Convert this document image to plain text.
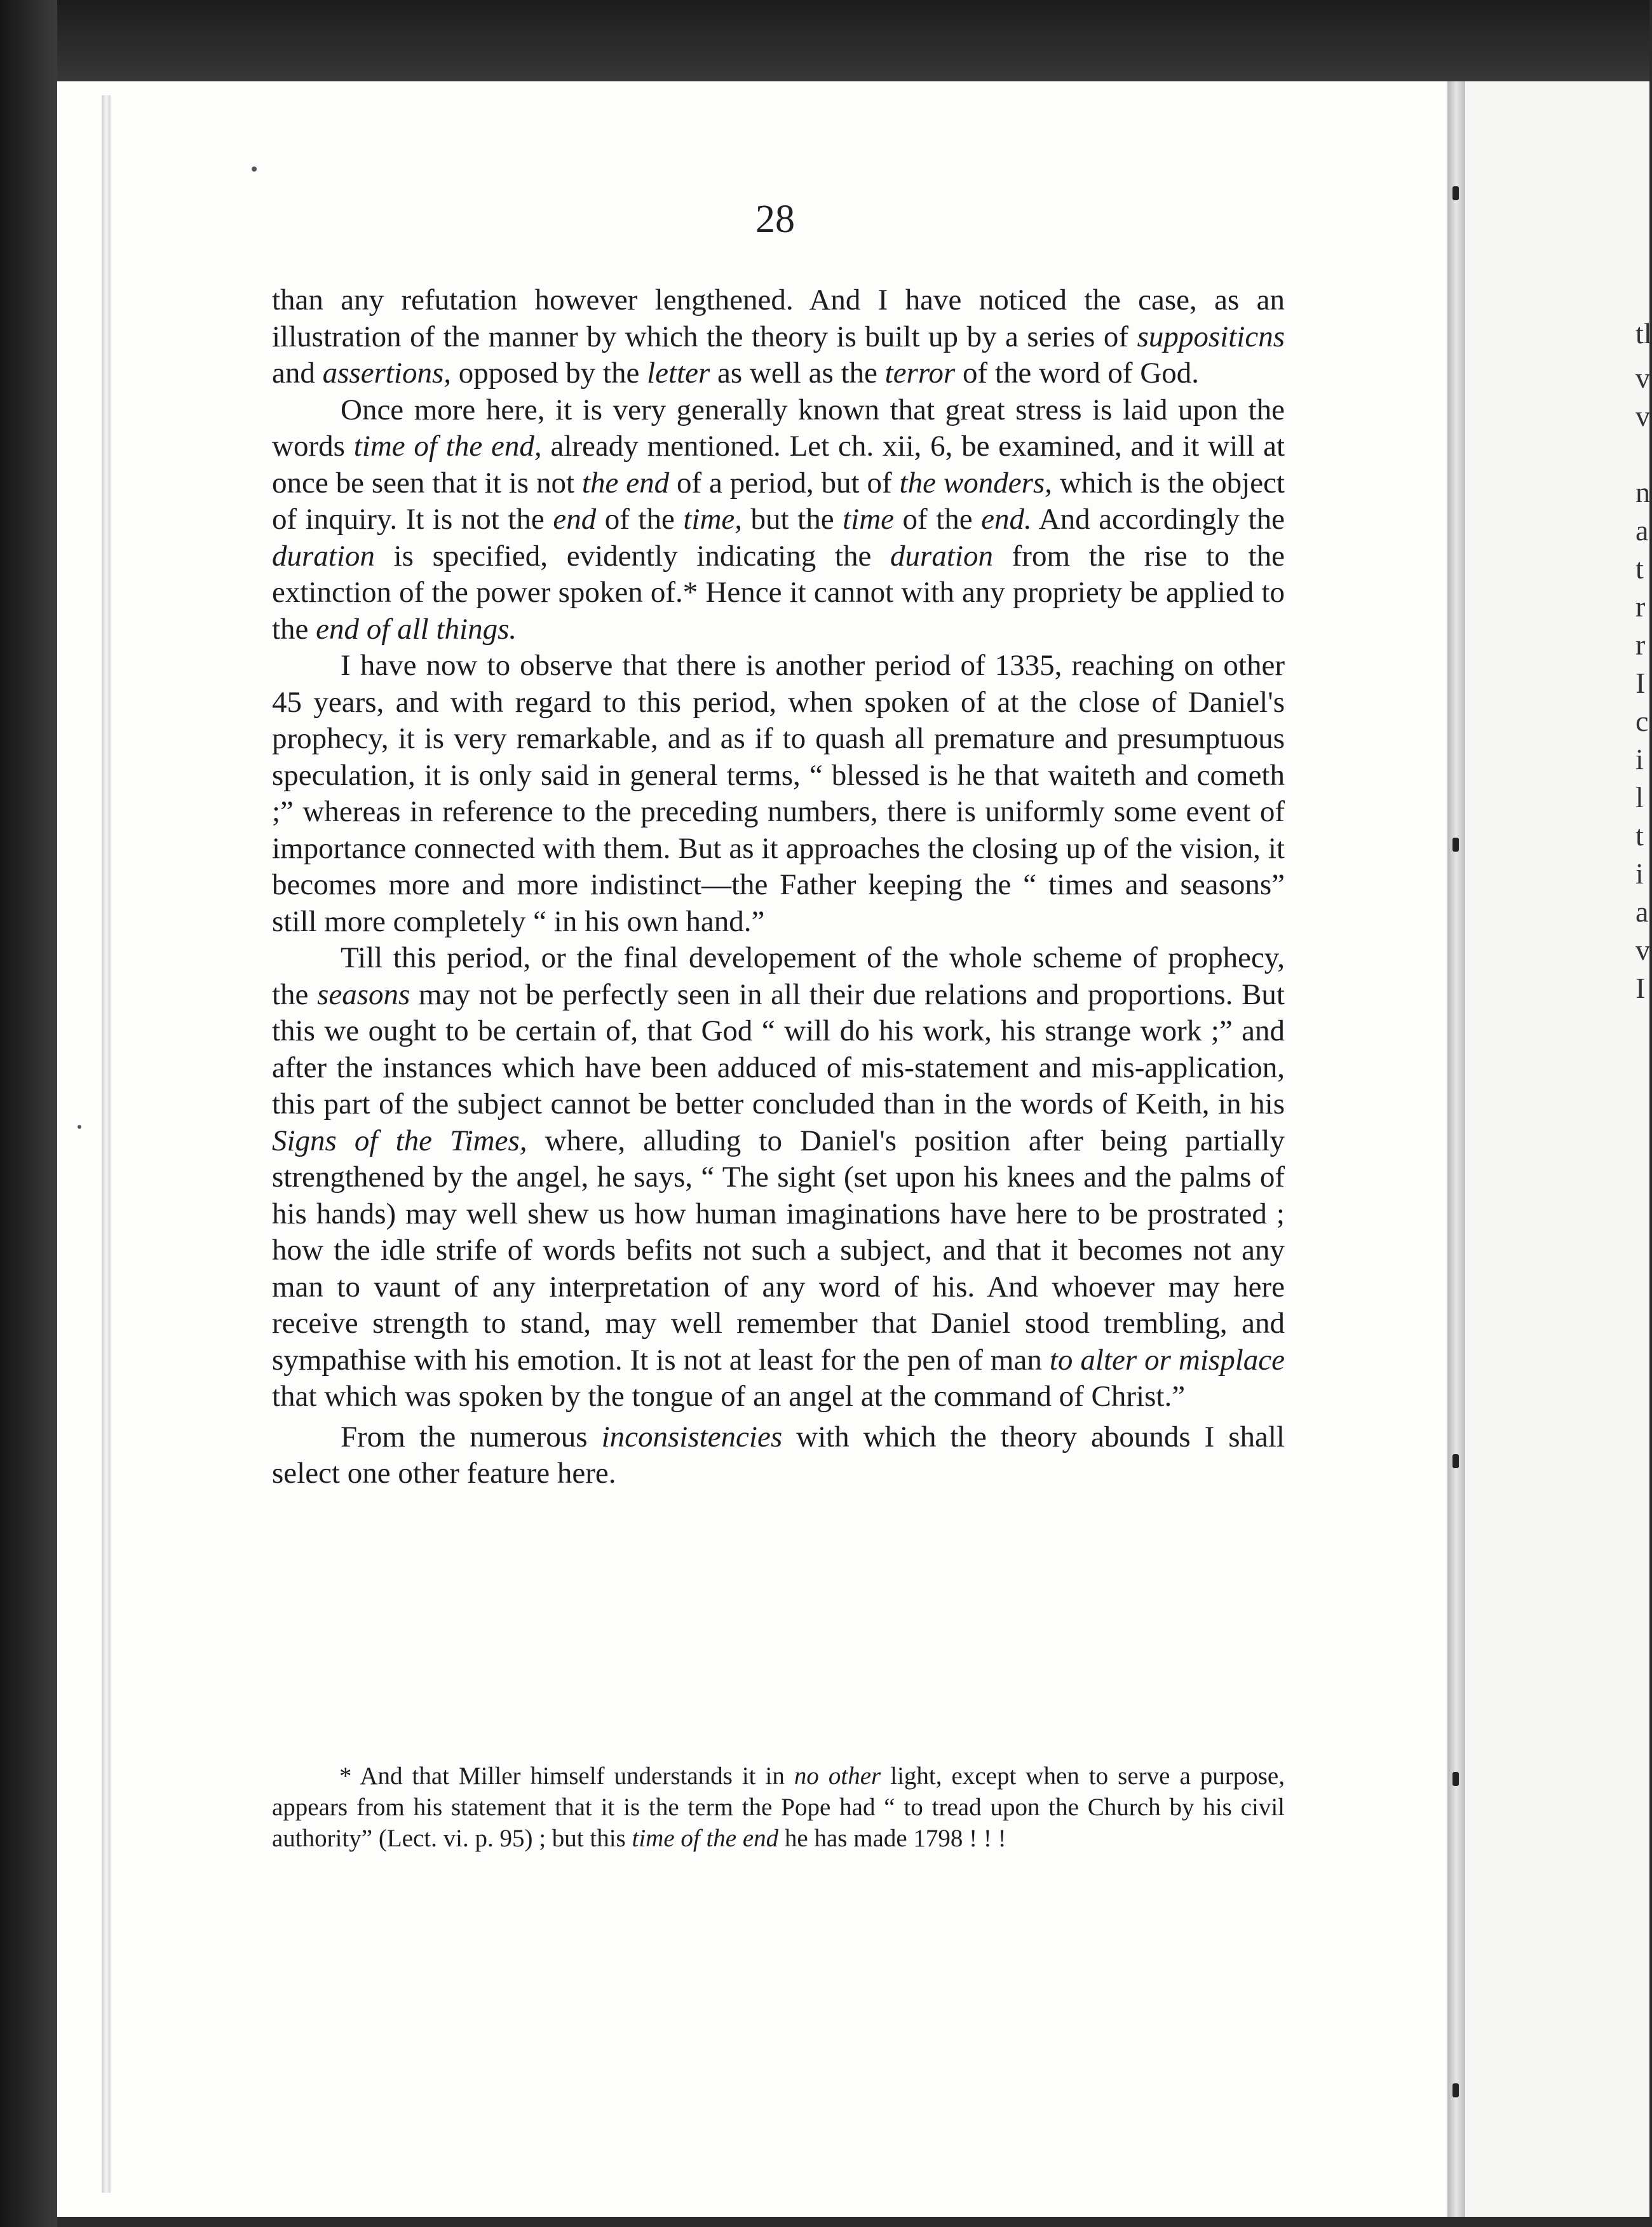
tl
v
v
n
a
t
r
r
I
c
i
l
t
i
a
v
I
28

than any refutation however lengthened. And I have noticed the case, as an illustration of the manner by which the theory is built up by a series of suppositicns and assertions, opposed by the letter as well as the terror of the word of God.

Once more here, it is very generally known that great stress is laid upon the words time of the end, already mentioned. Let ch. xii, 6, be examined, and it will at once be seen that it is not the end of a period, but of the wonders, which is the object of inquiry. It is not the end of the time, but the time of the end. And accordingly the duration is specified, evidently indicating the duration from the rise to the extinction of the power spoken of.* Hence it cannot with any propriety be applied to the end of all things.

I have now to observe that there is another period of 1335, reaching on other 45 years, and with regard to this period, when spoken of at the close of Daniel's prophecy, it is very remarkable, and as if to quash all premature and presumptuous speculation, it is only said in general terms, “ blessed is he that waiteth and cometh ;” whereas in reference to the preceding numbers, there is uniformly some event of importance connected with them. But as it approaches the closing up of the vision, it becomes more and more indistinct—the Father keeping the “ times and seasons” still more completely “ in his own hand.”

Till this period, or the final developement of the whole scheme of prophecy, the seasons may not be perfectly seen in all their due relations and proportions. But this we ought to be certain of, that God “ will do his work, his strange work ;” and after the instances which have been adduced of mis-statement and mis-application, this part of the subject cannot be better concluded than in the words of Keith, in his Signs of the Times, where, alluding to Daniel's position after being partially strengthened by the angel, he says, “ The sight (set upon his knees and the palms of his hands) may well shew us how human imaginations have here to be prostrated ; how the idle strife of words befits not such a subject, and that it becomes not any man to vaunt of any interpretation of any word of his. And whoever may here receive strength to stand, may well remember that Daniel stood trembling, and sympathise with his emotion. It is not at least for the pen of man to alter or misplace that which was spoken by the tongue of an angel at the command of Christ.”

From the numerous inconsistencies with which the theory abounds I shall select one other feature here.

* And that Miller himself understands it in no other light, except when to serve a purpose, appears from his statement that it is the term the Pope had “ to tread upon the Church by his civil authority” (Lect. vi. p. 95) ; but this time of the end he has made 1798 ! ! !
